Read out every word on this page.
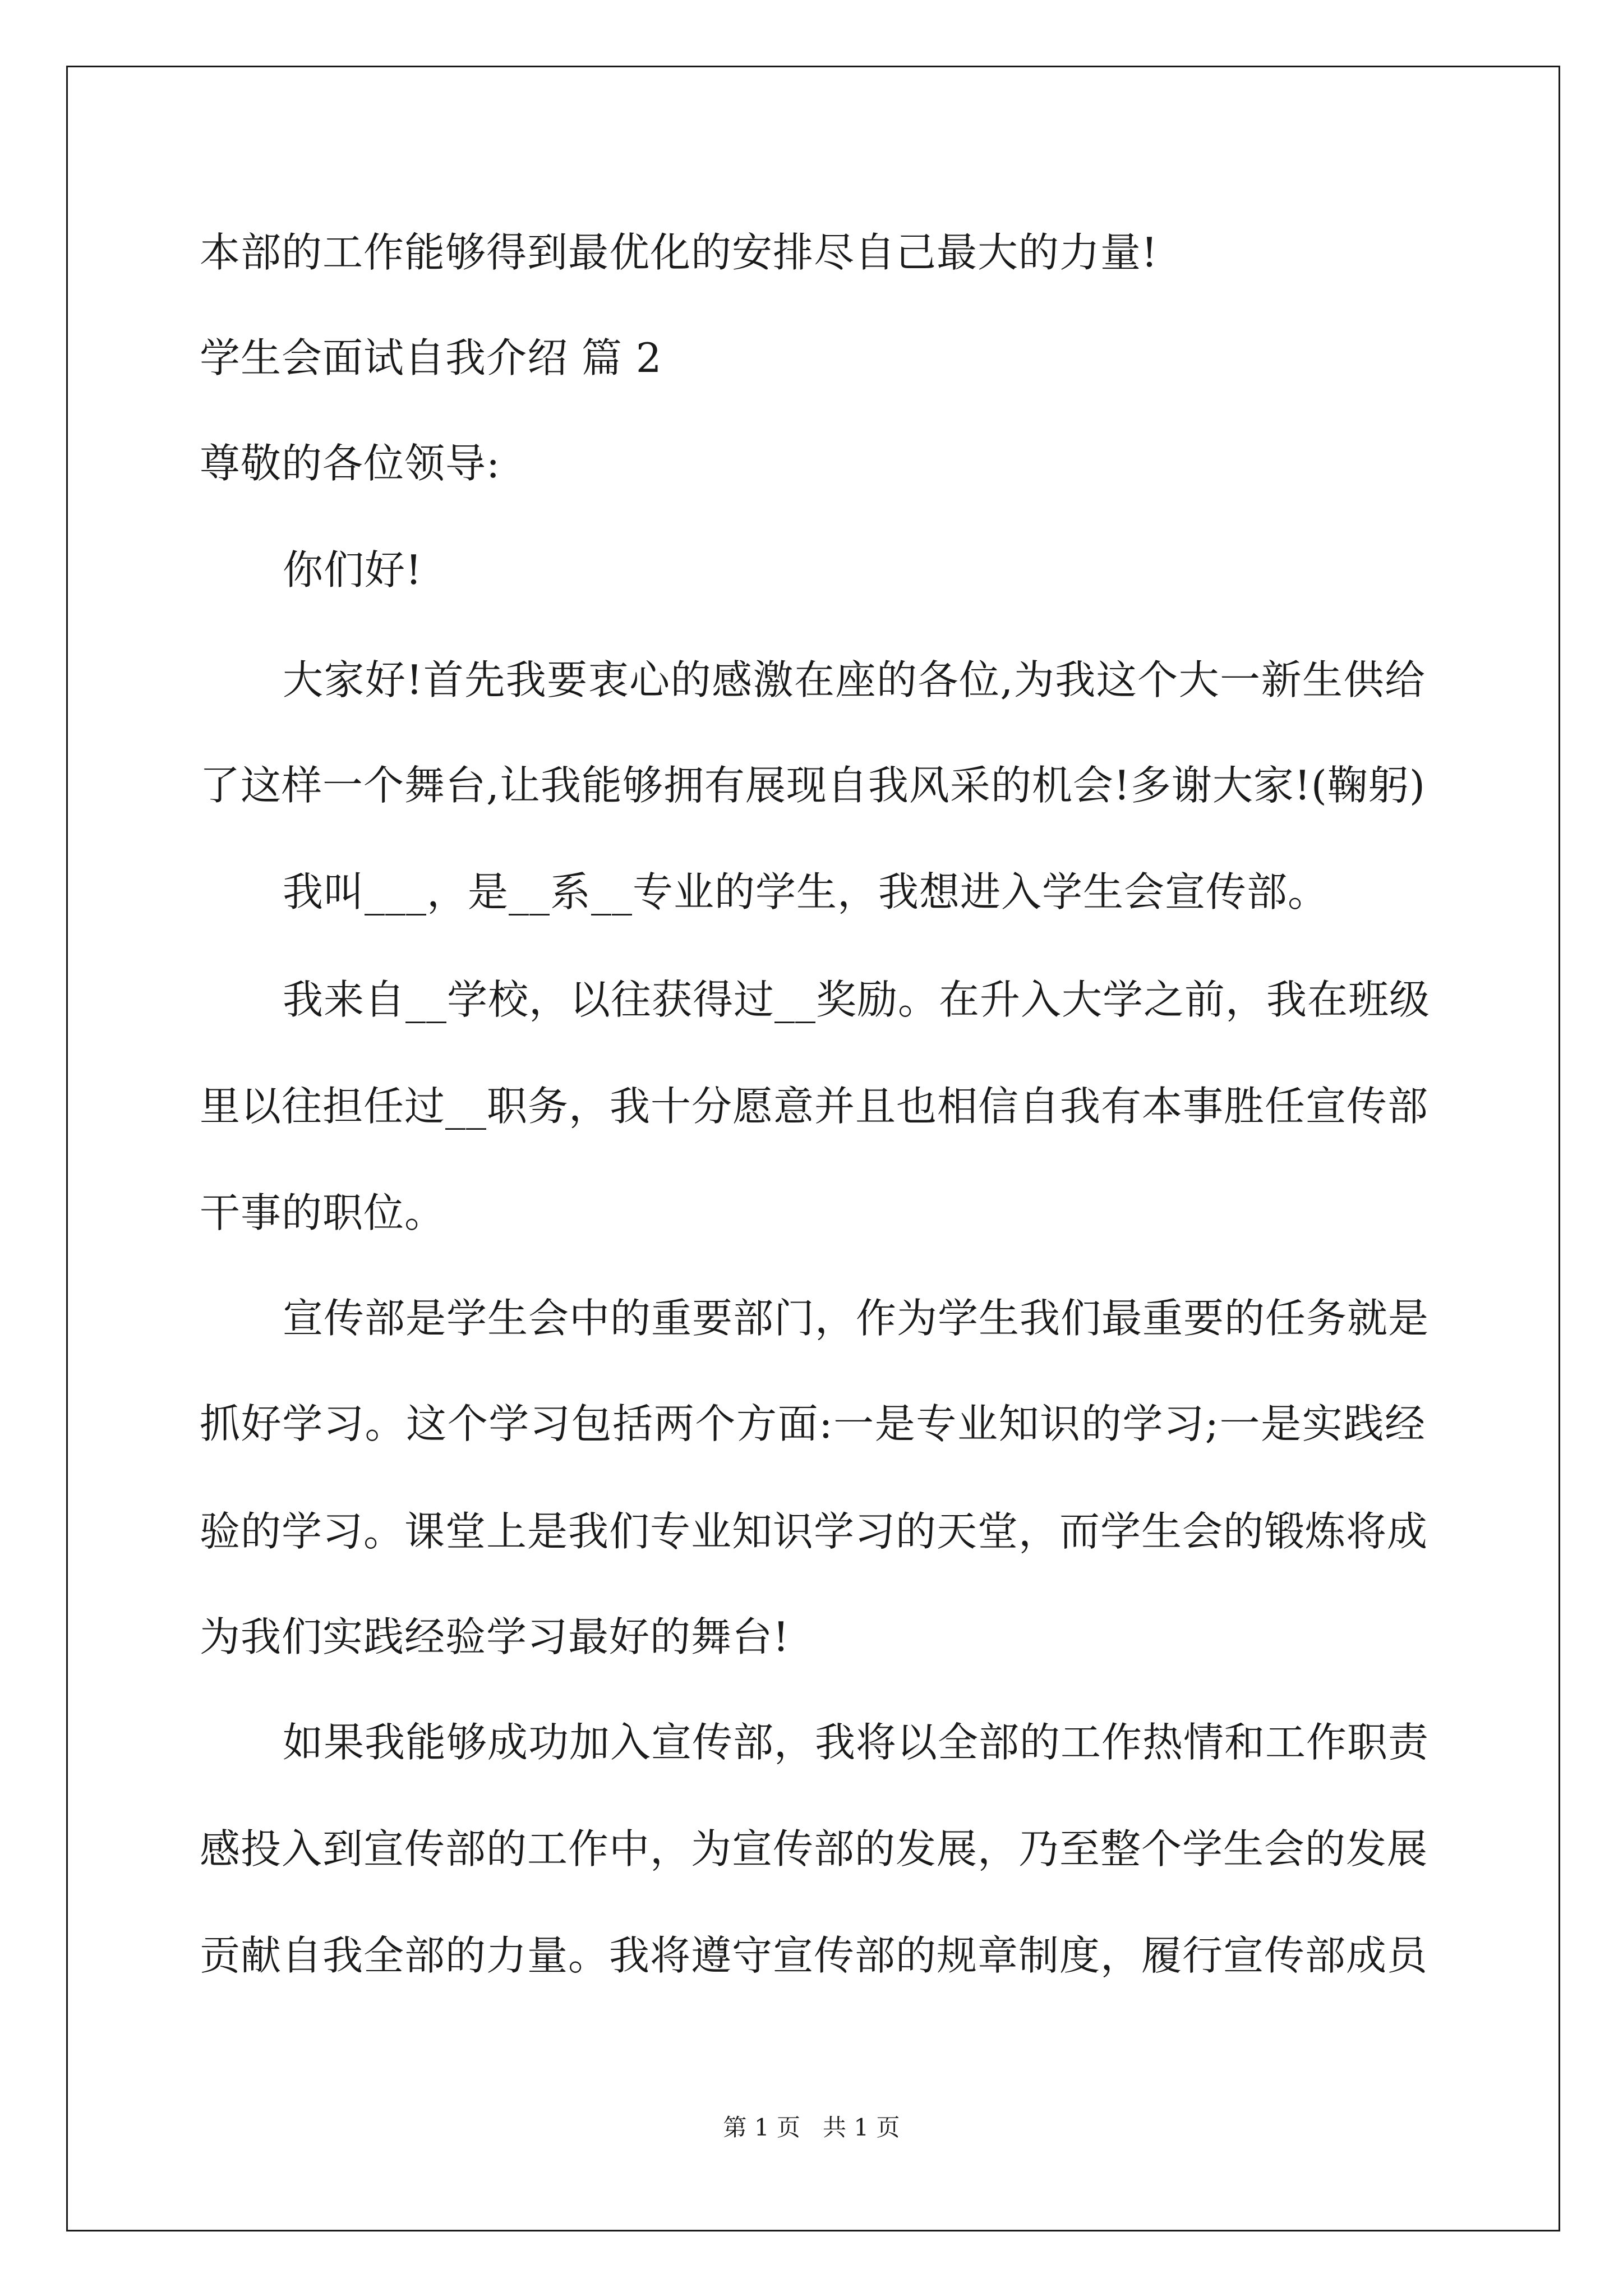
本部的工作能够得到最优化的安排尽自己最大的力量!

学生会面试自我介绍 篇 2

尊敬的各位领导:

你们好!

大家好!首先我要衷心的感激在座的各位,为我这个大一新生供给

了这样一个舞台,让我能够拥有展现自我风采的机会!多谢大家!(鞠躬)

我叫___，是__系__专业的学生，我想进入学生会宣传部。

我来自__学校，以往获得过__奖励。在升入大学之前，我在班级

里以往担任过__职务，我十分愿意并且也相信自我有本事胜任宣传部

干事的职位。

宣传部是学生会中的重要部门，作为学生我们最重要的任务就是

抓好学习。这个学习包括两个方面:一是专业知识的学习;一是实践经

验的学习。课堂上是我们专业知识学习的天堂，而学生会的锻炼将成

为我们实践经验学习最好的舞台!

如果我能够成功加入宣传部，我将以全部的工作热情和工作职责

感投入到宣传部的工作中，为宣传部的发展，乃至整个学生会的发展

贡献自我全部的力量。我将遵守宣传部的规章制度，履行宣传部成员

第 1 页   共 1 页
